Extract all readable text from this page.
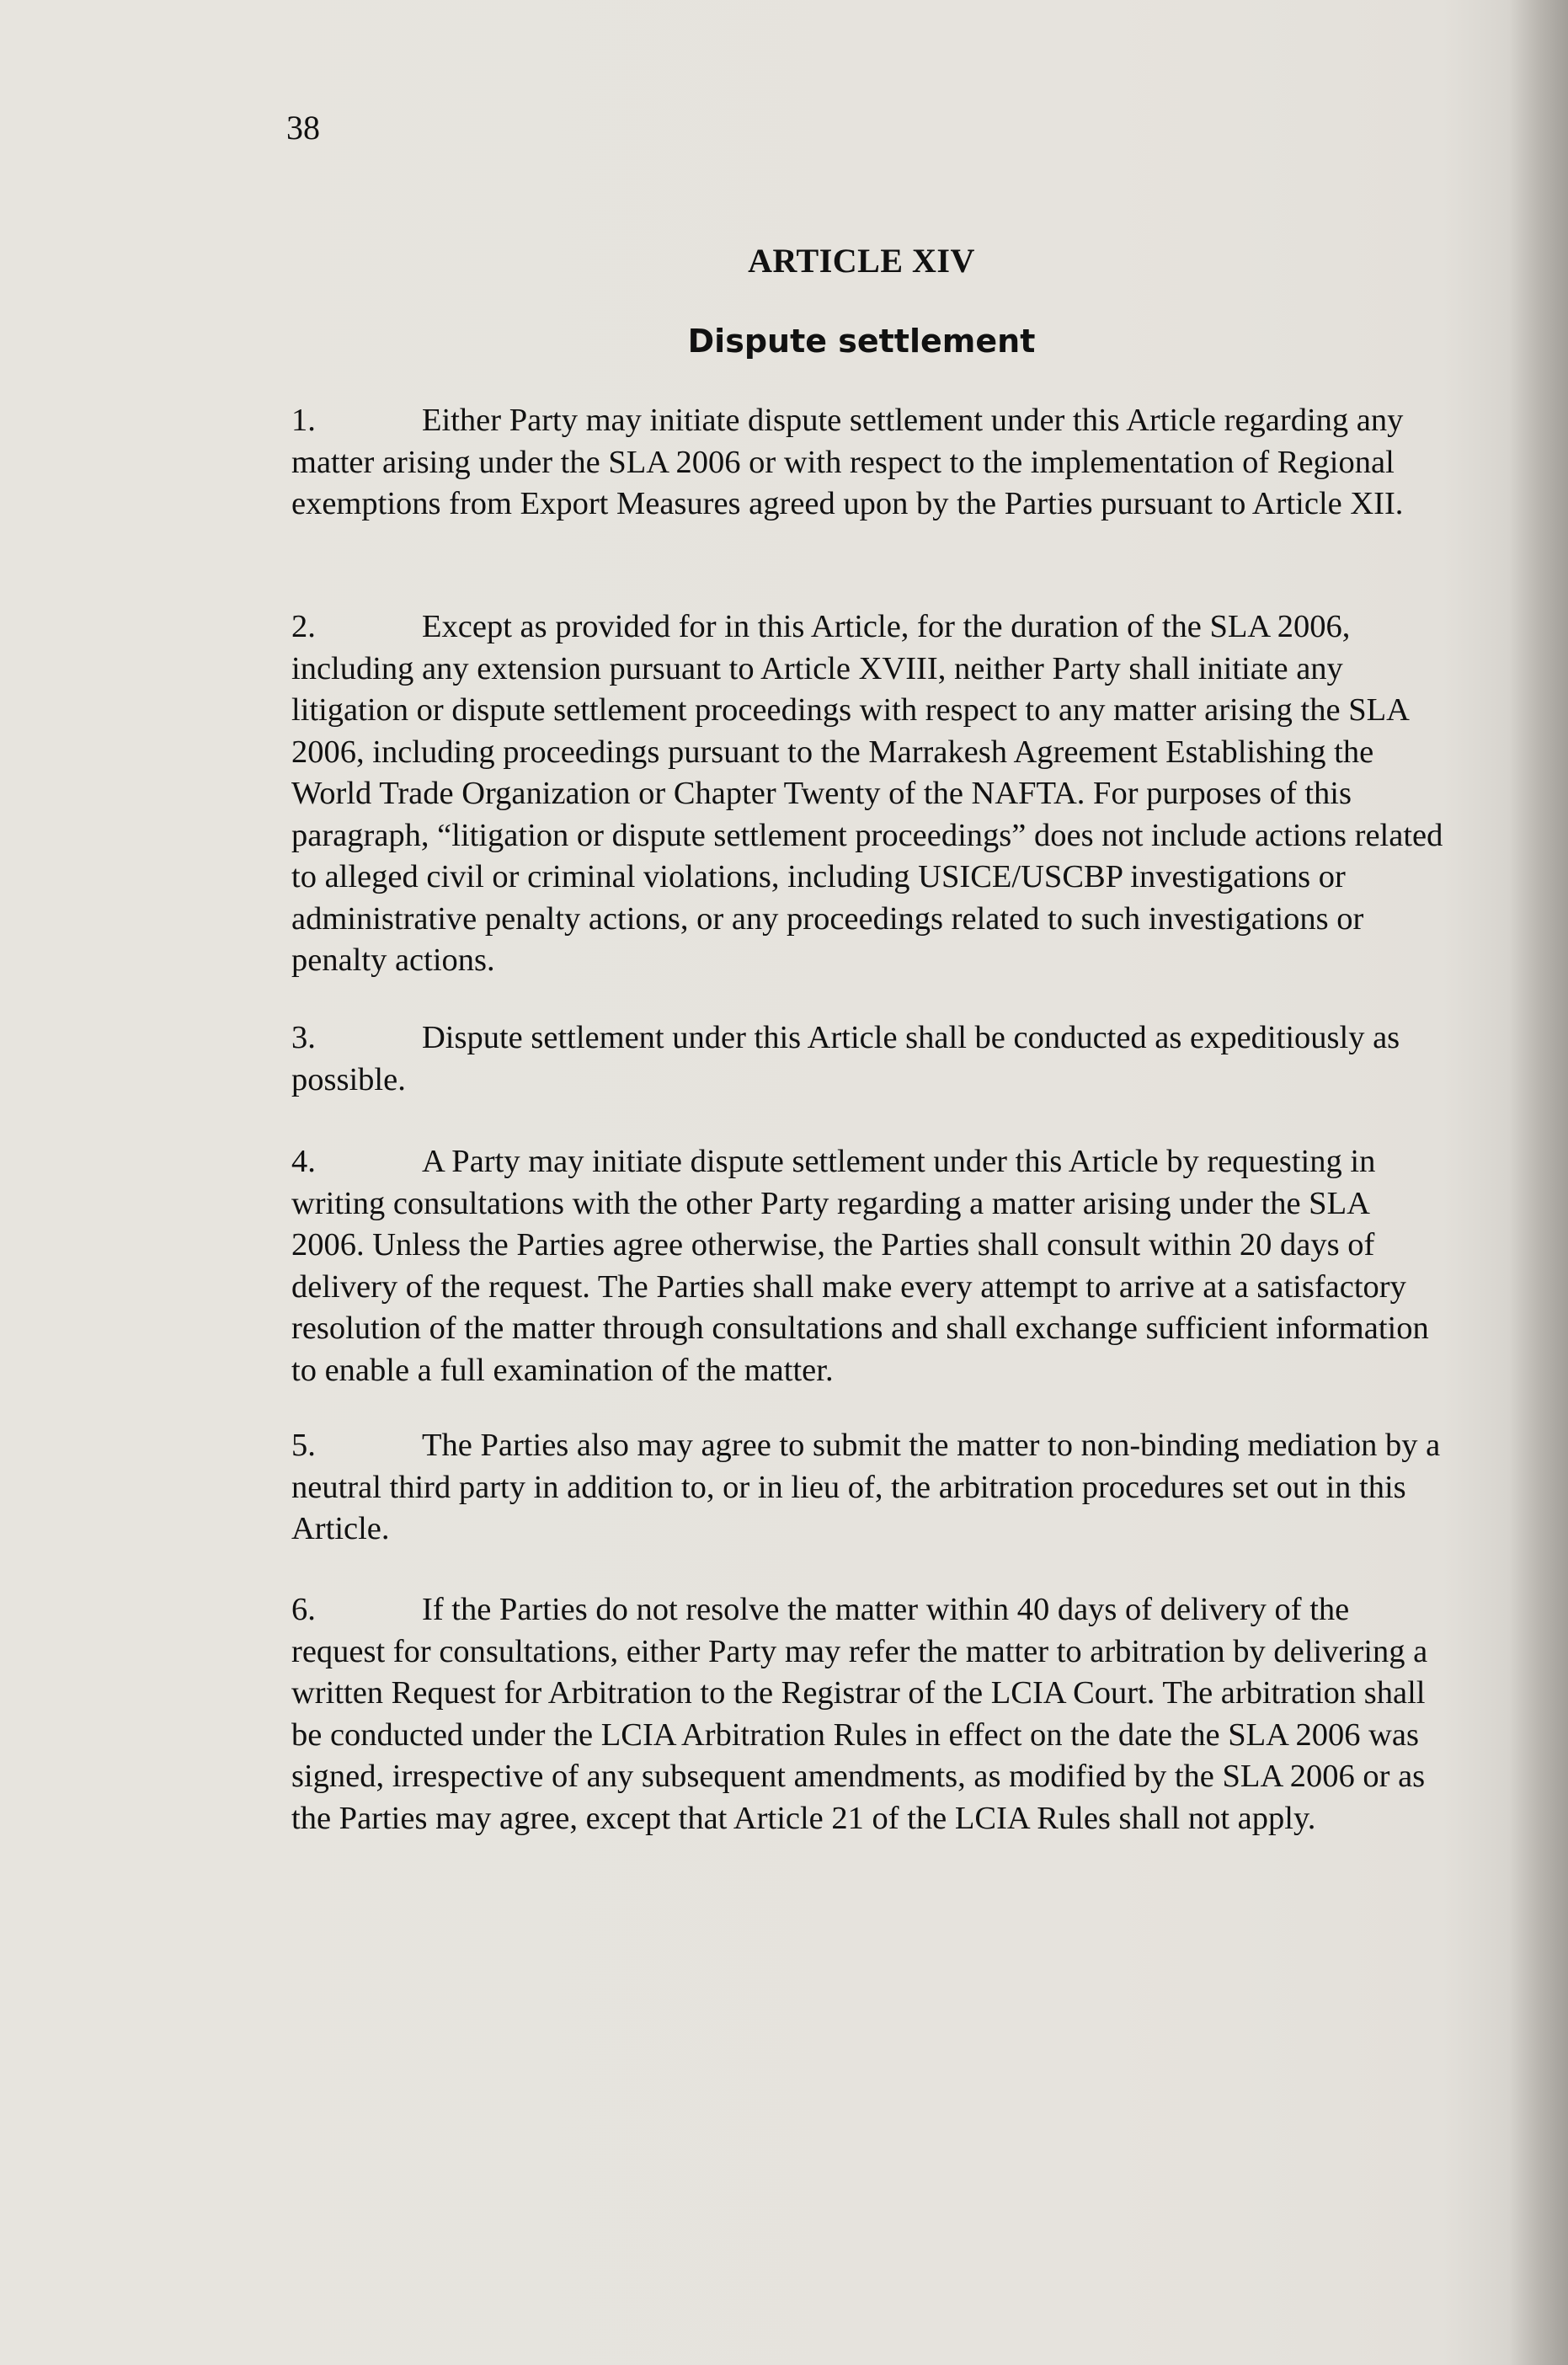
38
ARTICLE XIV
Dispute settlement
1.	Either Party may initiate dispute settlement under this Article regarding any matter arising under the SLA 2006 or with respect to the implementation of Regional exemptions from Export Measures agreed upon by the Parties pursuant to Article XII.
2.	Except as provided for in this Article, for the duration of the SLA 2006, including any extension pursuant to Article XVIII, neither Party shall initiate any litigation or dispute settlement proceedings with respect to any matter arising the SLA 2006, including proceedings pursuant to the Marrakesh Agreement Establishing the World Trade Organization or Chapter Twenty of the NAFTA. For purposes of this paragraph, “litigation or dispute settlement proceedings” does not include actions related to alleged civil or criminal violations, including USICE/USCBP investigations or administrative penalty actions, or any proceedings related to such investigations or penalty actions.
3.	Dispute settlement under this Article shall be conducted as expeditiously as possible.
4.	A Party may initiate dispute settlement under this Article by requesting in writing consultations with the other Party regarding a matter arising under the SLA 2006. Unless the Parties agree otherwise, the Parties shall consult within 20 days of delivery of the request. The Parties shall make every attempt to arrive at a satisfactory resolution of the matter through consultations and shall exchange sufficient information to enable a full examination of the matter.
5.	The Parties also may agree to submit the matter to non-binding mediation by a neutral third party in addition to, or in lieu of, the arbitration procedures set out in this Article.
6.	If the Parties do not resolve the matter within 40 days of delivery of the request for consultations, either Party may refer the matter to arbitration by delivering a written Request for Arbitration to the Registrar of the LCIA Court. The arbitration shall be conducted under the LCIA Arbitration Rules in effect on the date the SLA 2006 was signed, irrespective of any subsequent amendments, as modified by the SLA 2006 or as the Parties may agree, except that Article 21 of the LCIA Rules shall not apply.
